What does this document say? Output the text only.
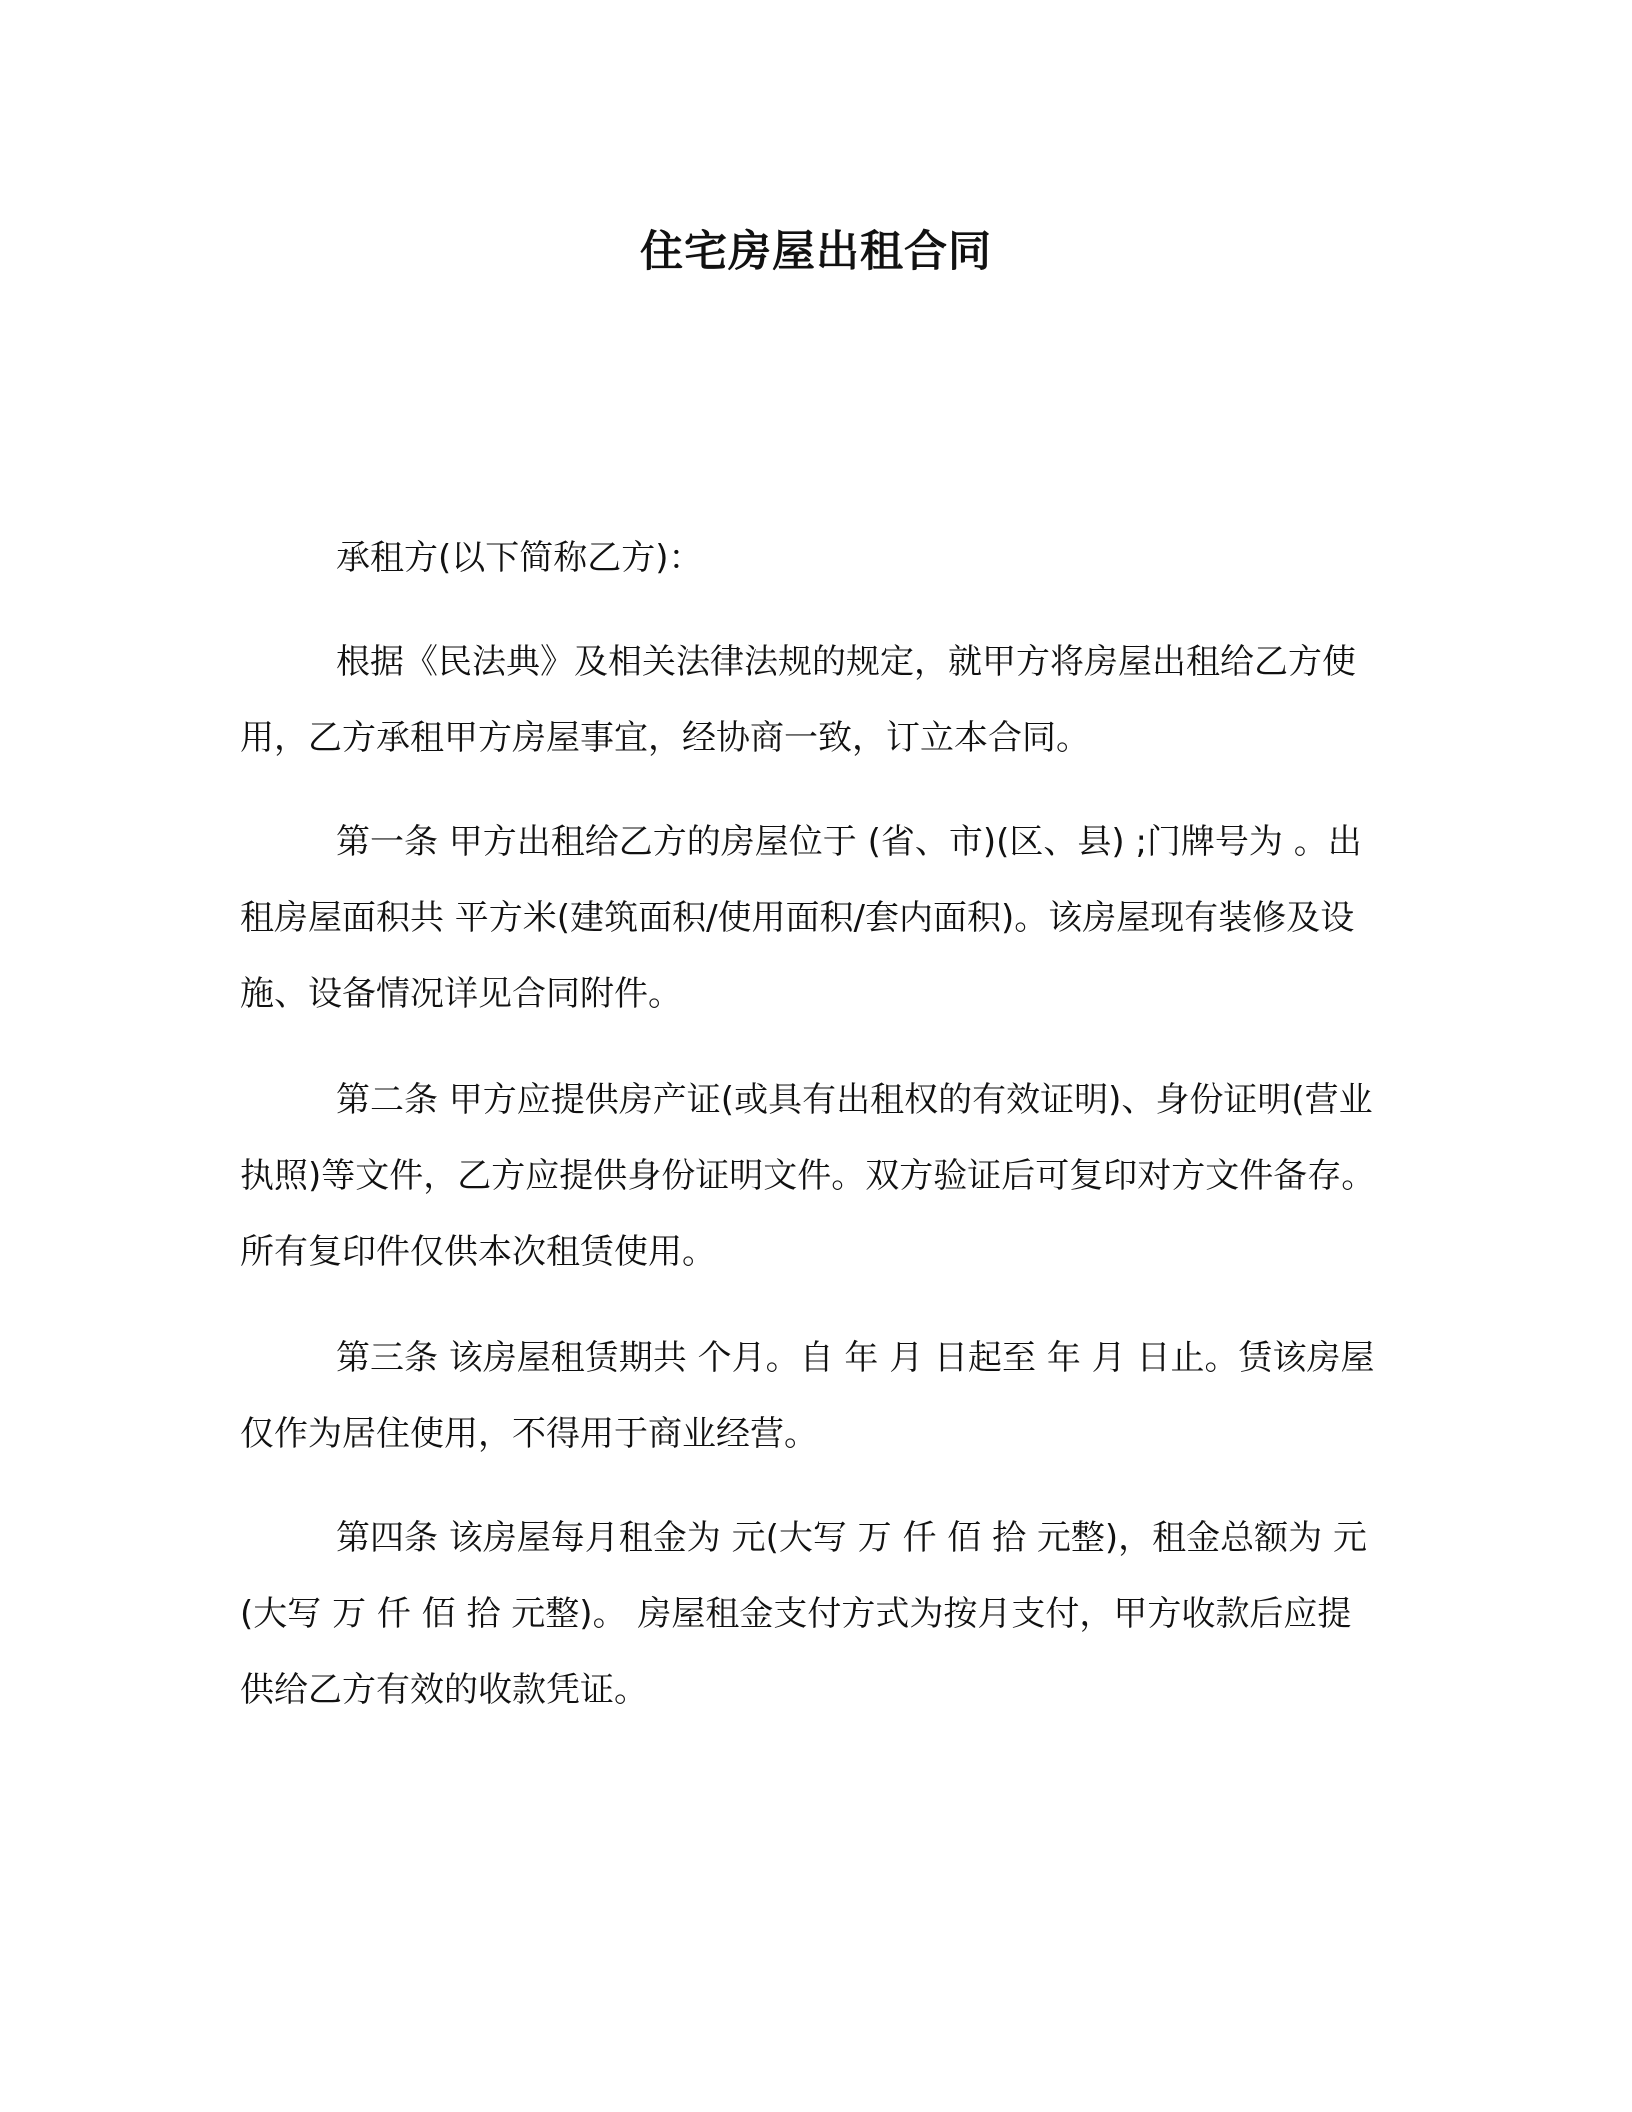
住宅房屋出租合同

承租方(以下简称乙方)：

根据《民法典》及相关法律法规的规定，就甲方将房屋出租给乙方使用，乙方承租甲方房屋事宜，经协商一致，订立本合同。

第一条 甲方出租给乙方的房屋位于 (省、市)(区、县) ;门牌号为 。出租房屋面积共 平方米(建筑面积/使用面积/套内面积)。该房屋现有装修及设施、设备情况详见合同附件。

第二条 甲方应提供房产证(或具有出租权的有效证明)、身份证明(营业执照)等文件，乙方应提供身份证明文件。双方验证后可复印对方文件备存。所有复印件仅供本次租赁使用。

第三条 该房屋租赁期共 个月。自 年 月 日起至 年 月 日止。赁该房屋仅作为居住使用，不得用于商业经营。

第四条 该房屋每月租金为 元(大写 万 仟 佰 拾 元整)，租金总额为 元(大写 万 仟 佰 拾 元整)。 房屋租金支付方式为按月支付，甲方收款后应提供给乙方有效的收款凭证。
